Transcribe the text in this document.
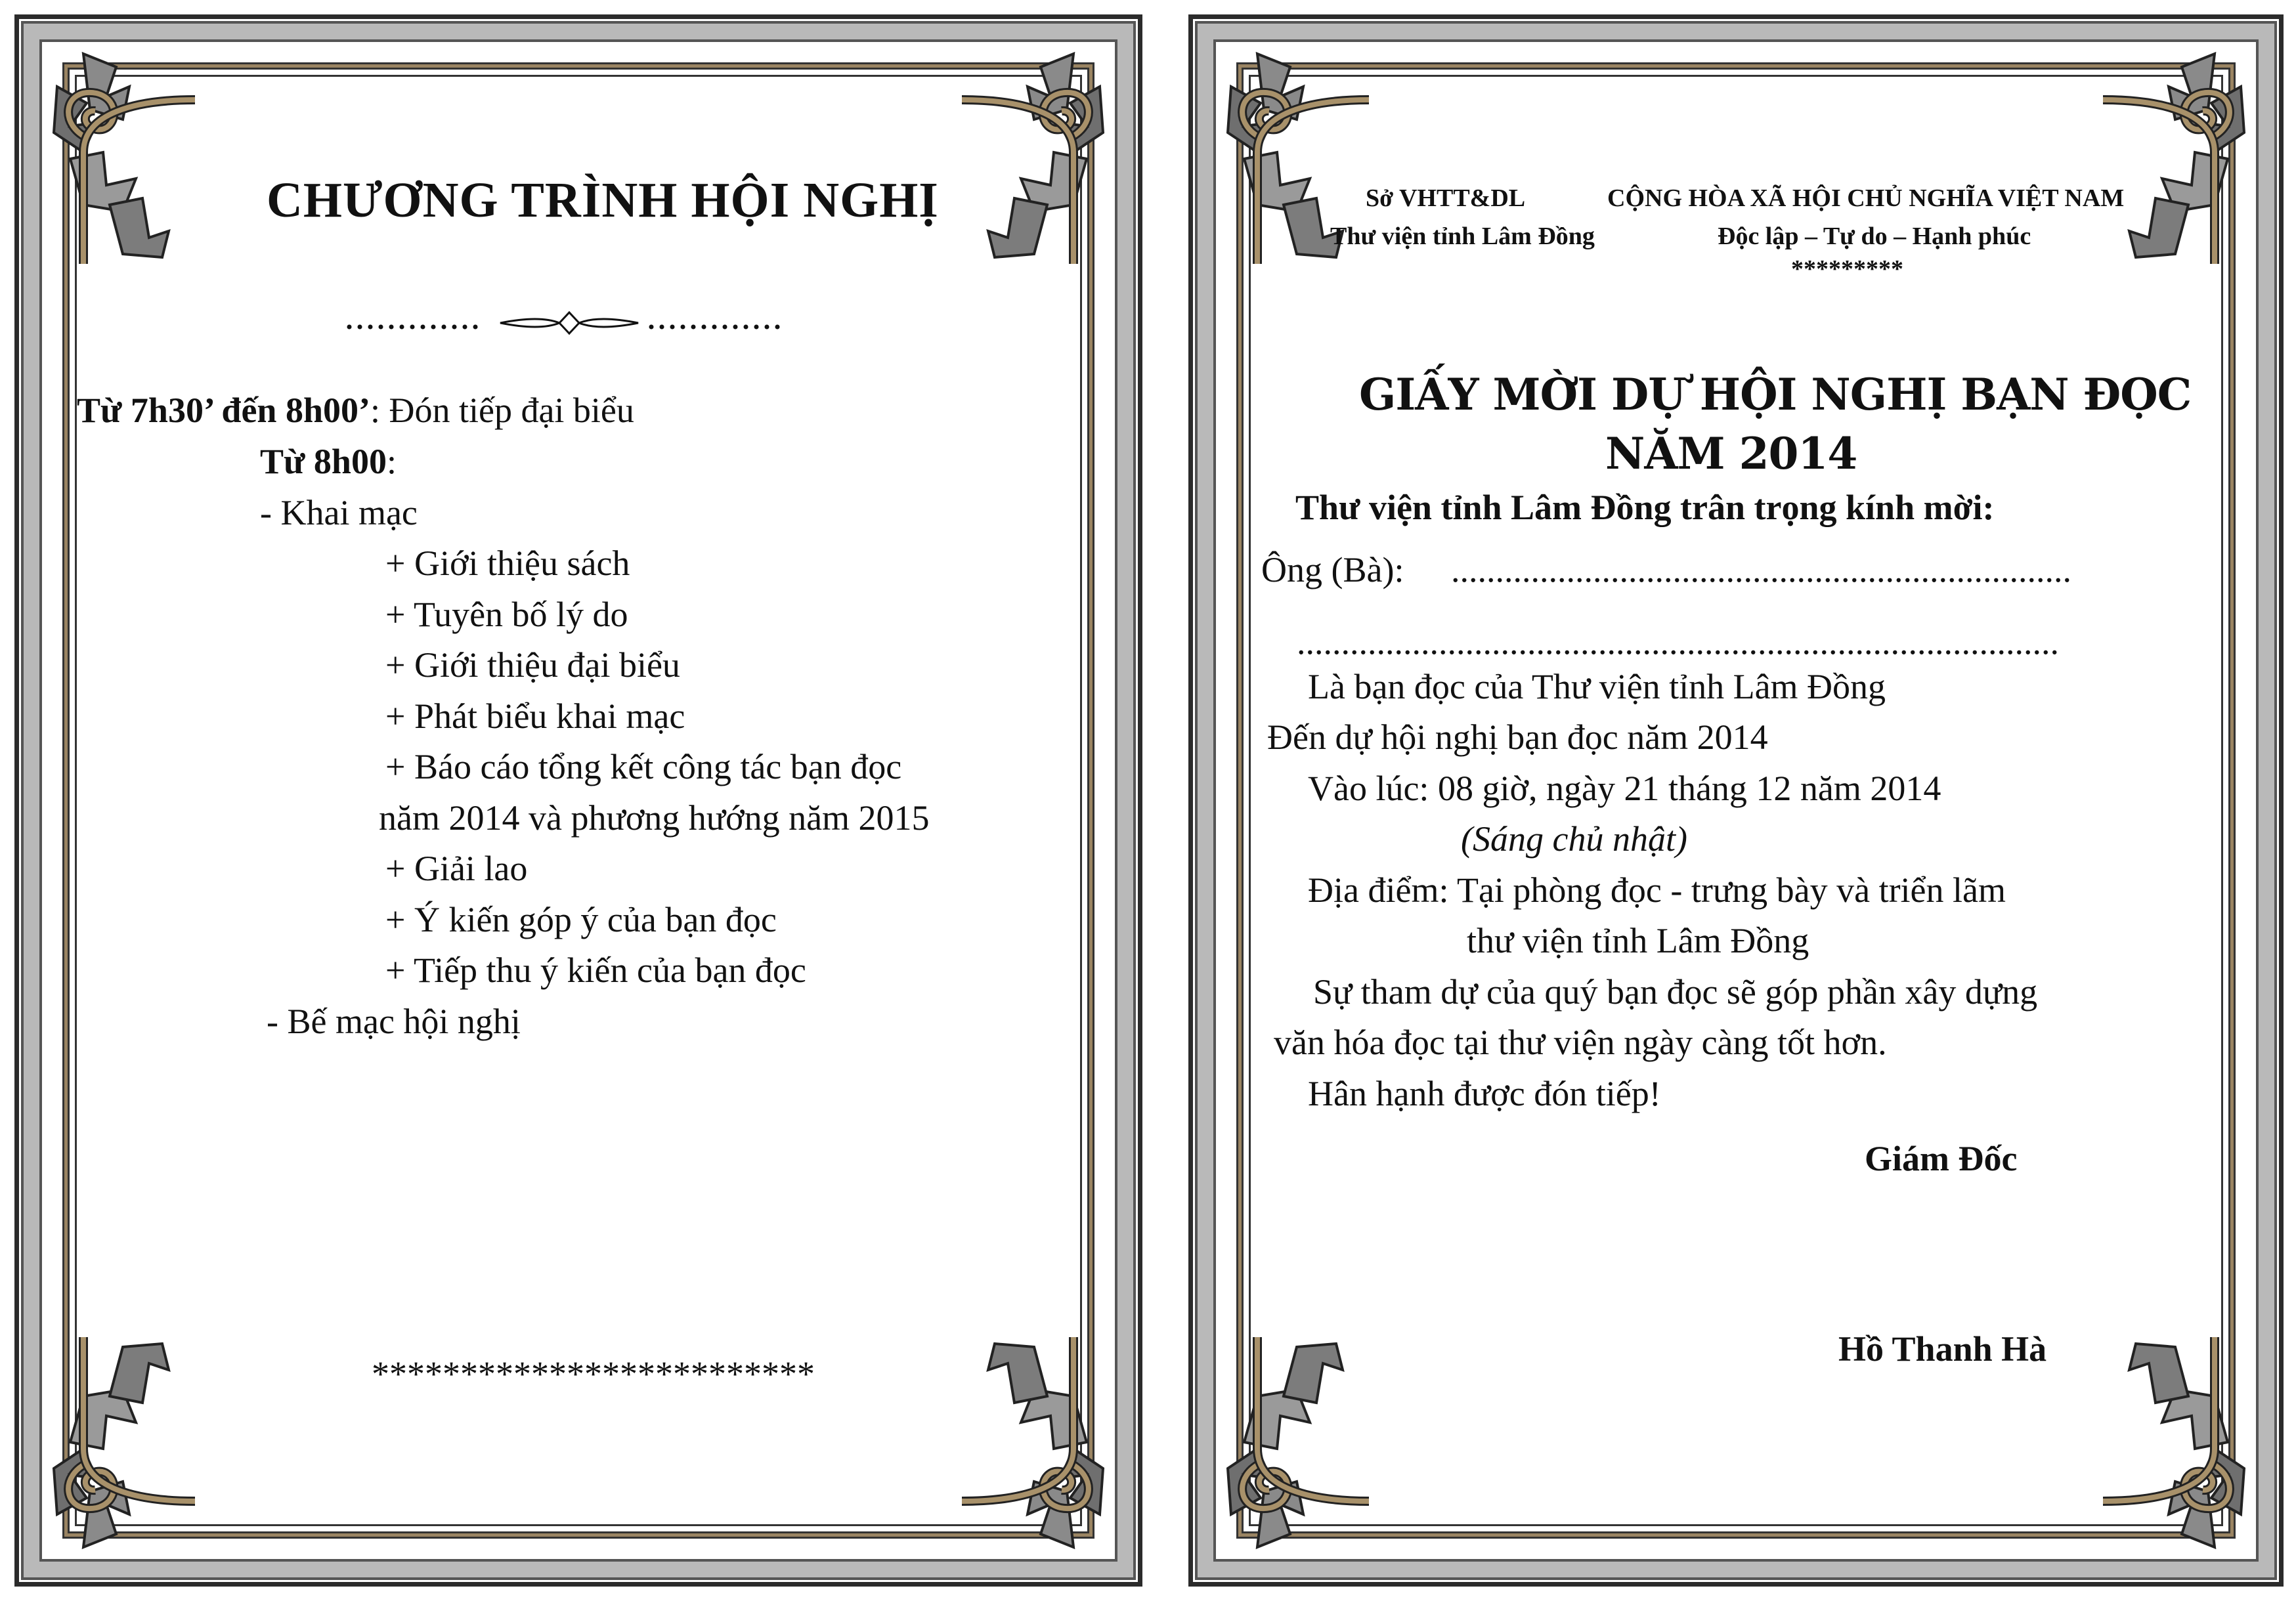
CHƯƠNG TRÌNH HỘI NGHỊ
Từ 7h30’ đến 8h00’: Đón tiếp đại biểu
Từ 8h00:
- Khai mạc
+ Giới thiệu sách
+ Tuyên bố lý do
+ Giới thiệu đại biểu
+ Phát biểu khai mạc
+ Báo cáo tổng kết công tác bạn đọc
năm 2014 và phương hướng năm 2015
+ Giải lao
+ Ý kiến góp ý của bạn đọc
+ Tiếp thu ý kiến của bạn đọc
- Bế mạc hội nghị
*************************
Sở VHTT&DL
Thư viện tỉnh Lâm Đồng
CỘNG HÒA XÃ HỘI CHỦ NGHĨA VIỆT NAM
Độc lập – Tự do – Hạnh phúc
*********
GIẤY MỜI DỰ HỘI NGHỊ BẠN ĐỌC
NĂM 2014
Thư viện tỉnh Lâm Đồng trân trọng kính mời:
Ông (Bà): ......................................................................
......................................................................................
Là bạn đọc của Thư viện tỉnh Lâm Đồng
Đến dự hội nghị bạn đọc năm 2014
Vào lúc: 08 giờ, ngày 21 tháng 12 năm 2014
(Sáng chủ nhật)
Địa điểm: Tại phòng đọc - trưng bày và triển lãm
thư viện tỉnh Lâm Đồng
Sự tham dự của quý bạn đọc sẽ góp phần xây dựng
văn hóa đọc tại thư viện ngày càng tốt hơn.
Hân hạnh được đón tiếp!
Giám Đốc
Hồ Thanh Hà
